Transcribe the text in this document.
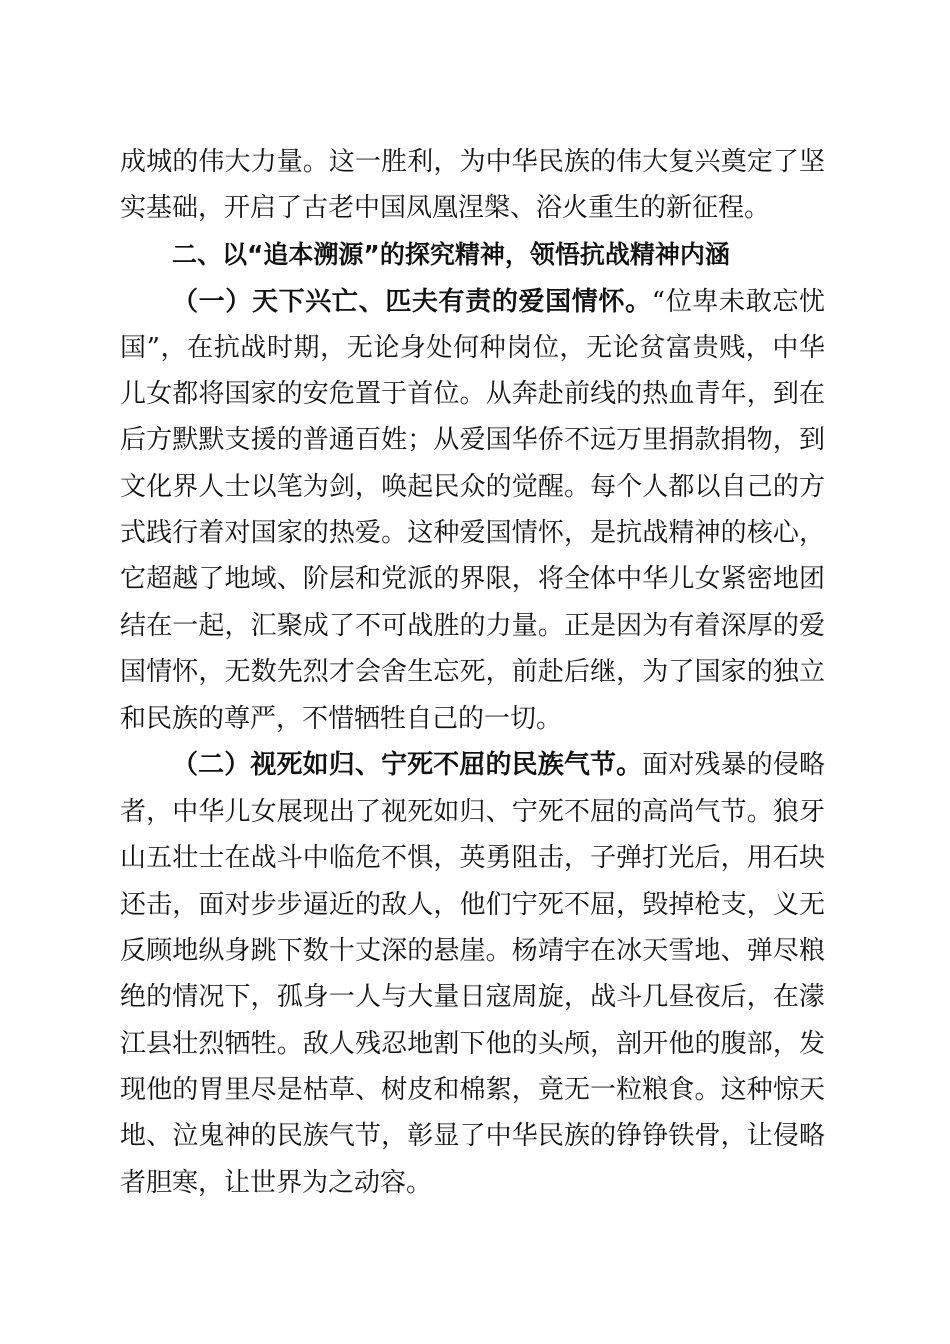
成城的伟大力量。这一胜利，为中华民族的伟大复兴奠定了坚
实基础，开启了古老中国凤凰涅槃、浴火重生的新征程。
二、以“追本溯源”的探究精神，领悟抗战精神内涵
（一）天下兴亡、匹夫有责的爱国情怀。“位卑未敢忘忧
国”，在抗战时期，无论身处何种岗位，无论贫富贵贱，中华
儿女都将国家的安危置于首位。从奔赴前线的热血青年，到在
后方默默支援的普通百姓；从爱国华侨不远万里捐款捐物，到
文化界人士以笔为剑，唤起民众的觉醒。每个人都以自己的方
式践行着对国家的热爱。这种爱国情怀，是抗战精神的核心，
它超越了地域、阶层和党派的界限，将全体中华儿女紧密地团
结在一起，汇聚成了不可战胜的力量。正是因为有着深厚的爱
国情怀，无数先烈才会舍生忘死，前赴后继，为了国家的独立
和民族的尊严，不惜牺牲自己的一切。
（二）视死如归、宁死不屈的民族气节。面对残暴的侵略
者，中华儿女展现出了视死如归、宁死不屈的高尚气节。狼牙
山五壮士在战斗中临危不惧，英勇阻击，子弹打光后，用石块
还击，面对步步逼近的敌人，他们宁死不屈，毁掉枪支，义无
反顾地纵身跳下数十丈深的悬崖。杨靖宇在冰天雪地、弹尽粮
绝的情况下，孤身一人与大量日寇周旋，战斗几昼夜后，在濛
江县壮烈牺牲。敌人残忍地割下他的头颅，剖开他的腹部，发
现他的胃里尽是枯草、树皮和棉絮，竟无一粒粮食。这种惊天
地、泣鬼神的民族气节，彰显了中华民族的铮铮铁骨，让侵略
者胆寒，让世界为之动容。
